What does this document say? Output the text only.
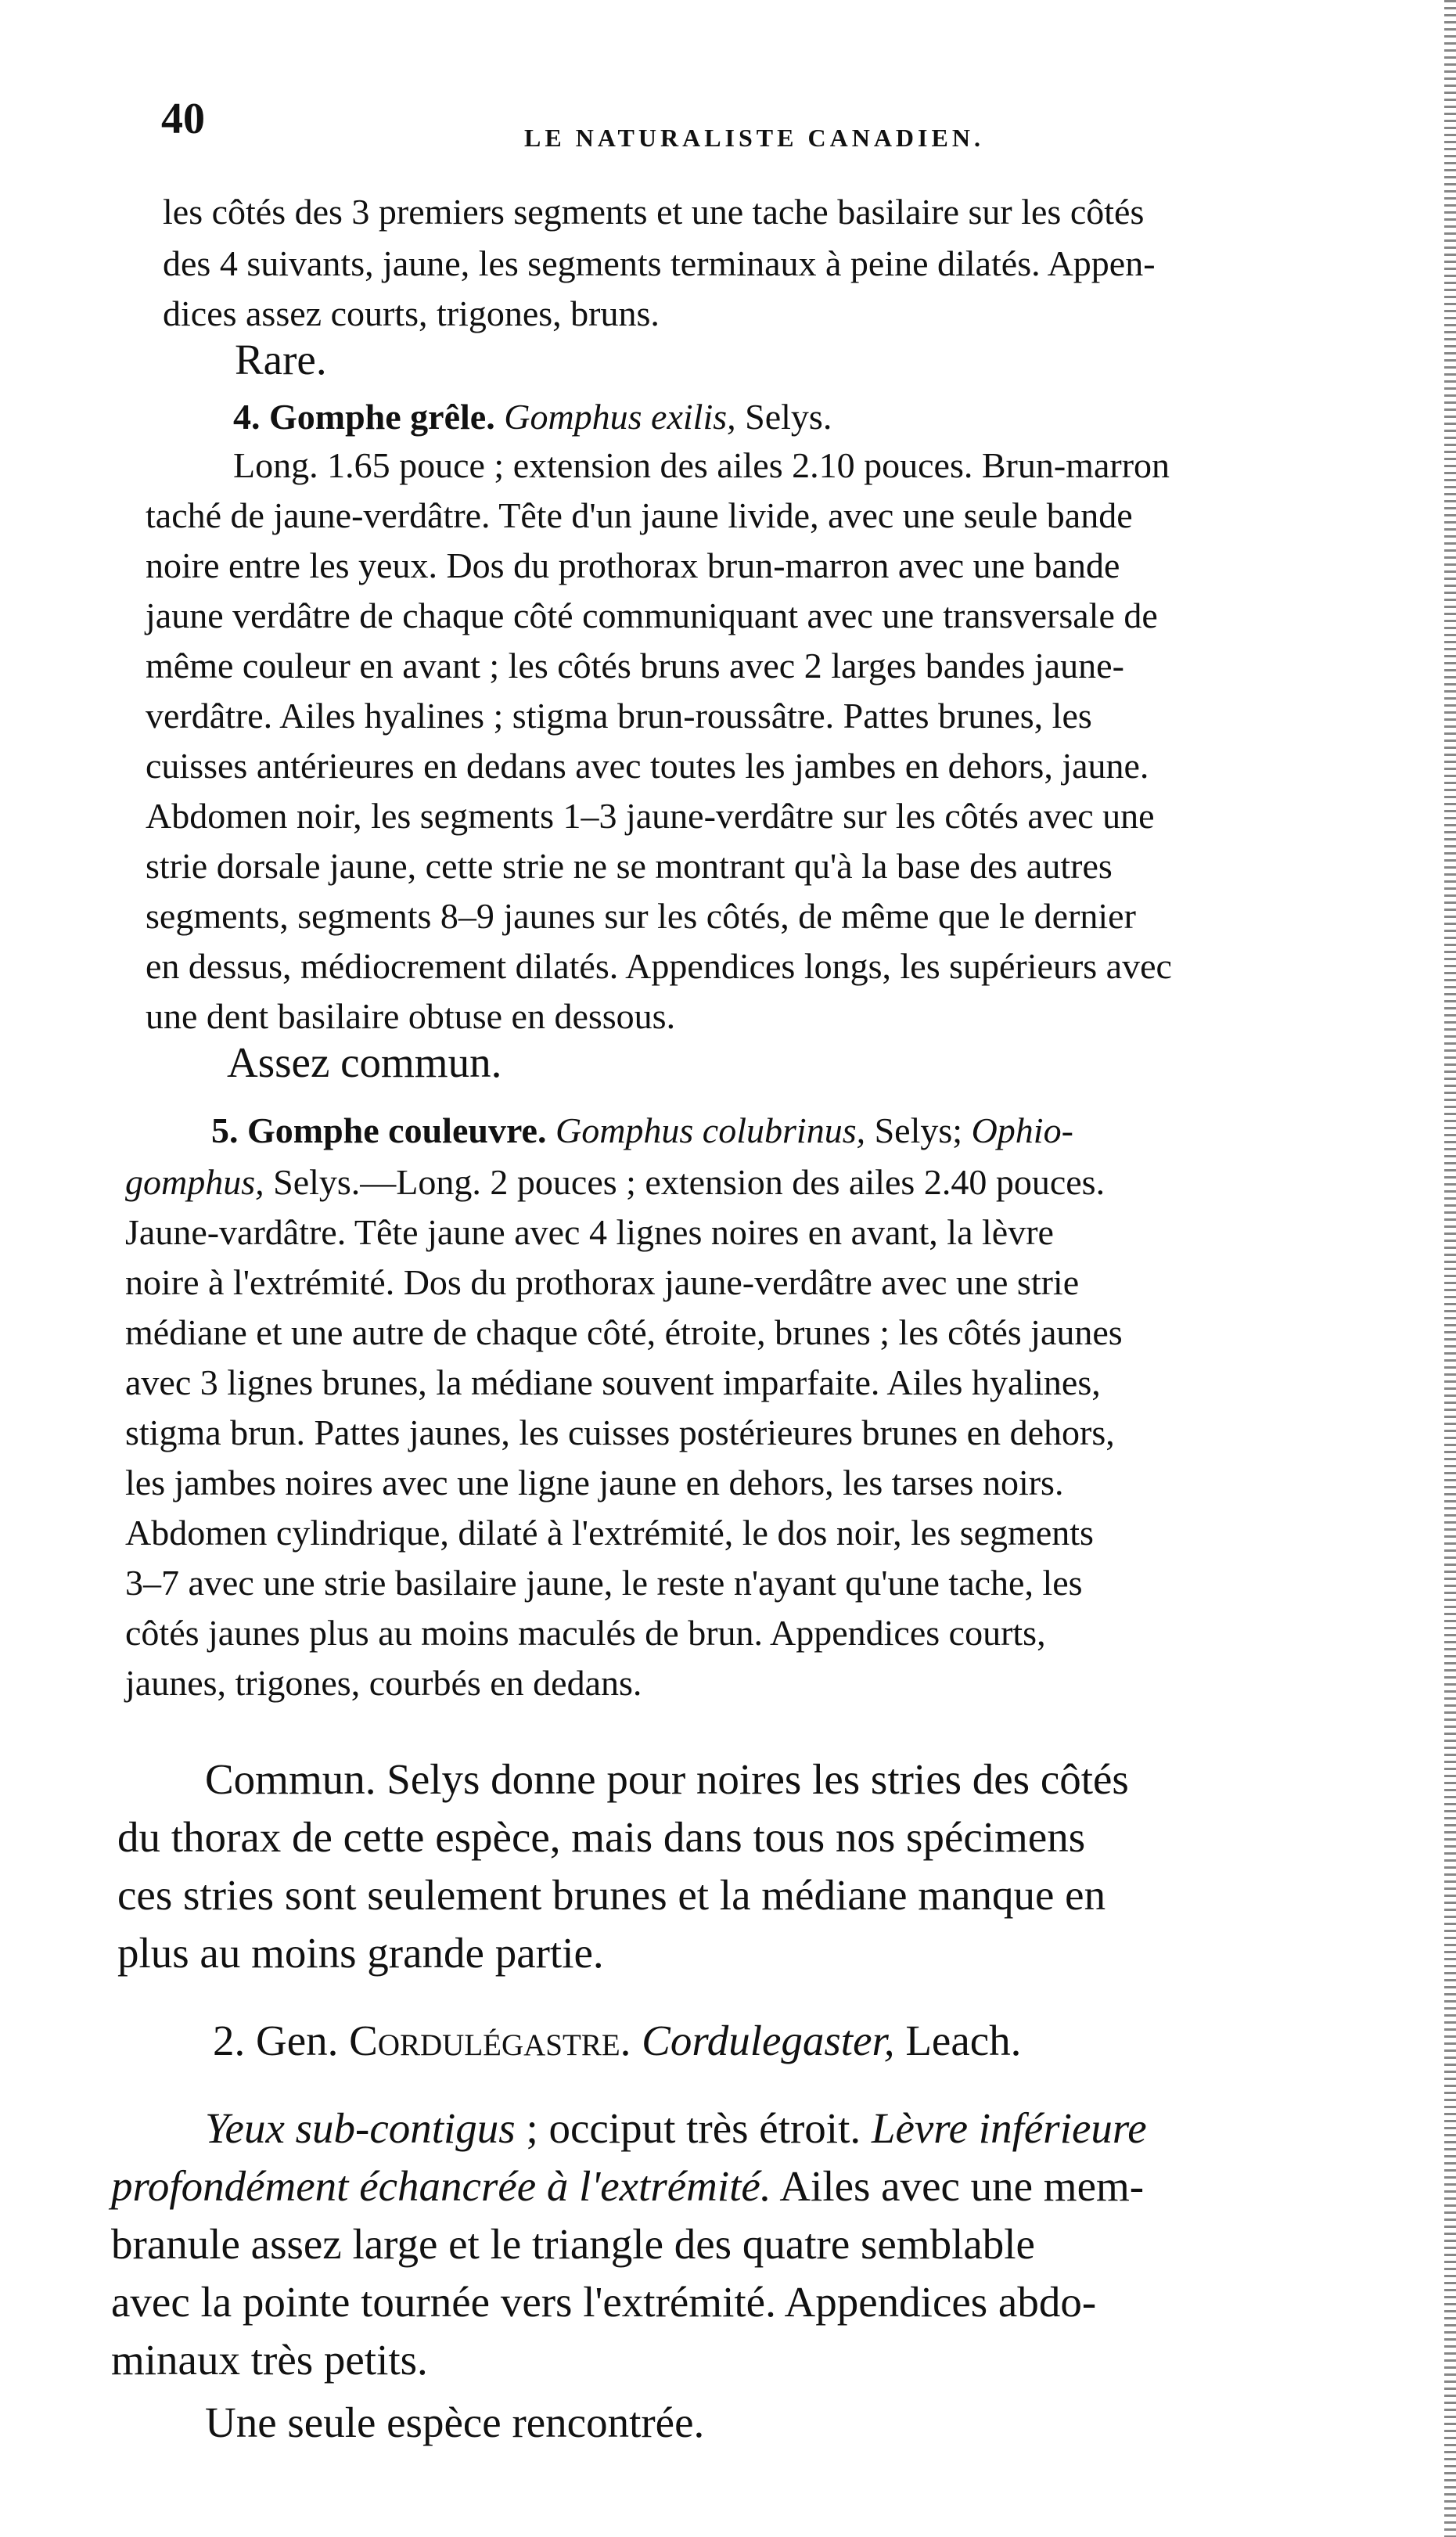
40	LE NATURALISTE CANADIEN.
les côtés des 3 premiers segments et une tache basilaire sur les côtés
des 4 suivants, jaune, les segments terminaux à peine dilatés. Appen-
dices assez courts, trigones, bruns.
Rare.
4. Gomphe grêle. Gomphus exilis, Selys.
Long. 1.65 pouce ; extension des ailes 2.10 pouces. Brun-marron
taché de jaune-verdâtre. Tête d'un jaune livide, avec une seule bande
noire entre les yeux. Dos du prothorax brun-marron avec une bande
jaune verdâtre de chaque côté communiquant avec une transversale de
même couleur en avant ; les côtés bruns avec 2 larges bandes jaune-
verdâtre. Ailes hyalines ; stigma brun-roussâtre. Pattes brunes, les
cuisses antérieures en dedans avec toutes les jambes en dehors, jaune.
Abdomen noir, les segments 1–3 jaune-verdâtre sur les côtés avec une
strie dorsale jaune, cette strie ne se montrant qu'à la base des autres
segments, segments 8–9 jaunes sur les côtés, de même que le dernier
en dessus, médiocrement dilatés. Appendices longs, les supérieurs avec
une dent basilaire obtuse en dessous.
Assez commun.
5. Gomphe couleuvre. Gomphus colubrinus, Selys; Ophio-
gomphus, Selys.—Long. 2 pouces ; extension des ailes 2.40 pouces.
Jaune-vardâtre. Tête jaune avec 4 lignes noires en avant, la lèvre
noire à l'extrémité. Dos du prothorax jaune-verdâtre avec une strie
médiane et une autre de chaque côté, étroite, brunes ; les côtés jaunes
avec 3 lignes brunes, la médiane souvent imparfaite. Ailes hyalines,
stigma brun. Pattes jaunes, les cuisses postérieures brunes en dehors,
les jambes noires avec une ligne jaune en dehors, les tarses noirs.
Abdomen cylindrique, dilaté à l'extrémité, le dos noir, les segments
3–7 avec une strie basilaire jaune, le reste n'ayant qu'une tache, les
côtés jaunes plus au moins maculés de brun. Appendices courts,
jaunes, trigones, courbés en dedans.
Commun. Selys donne pour noires les stries des côtés
du thorax de cette espèce, mais dans tous nos spécimens
ces stries sont seulement brunes et la médiane manque en
plus au moins grande partie.
2. Gen. Cordulégastre. Cordulegaster, Leach.
Yeux sub-contigus ; occiput très étroit. Lèvre inférieure
profondément échancrée à l'extrémité. Ailes avec une mem-
branule assez large et le triangle des quatre semblable
avec la pointe tournée vers l'extrémité. Appendices abdo-
minaux très petits.
Une seule espèce rencontrée.
